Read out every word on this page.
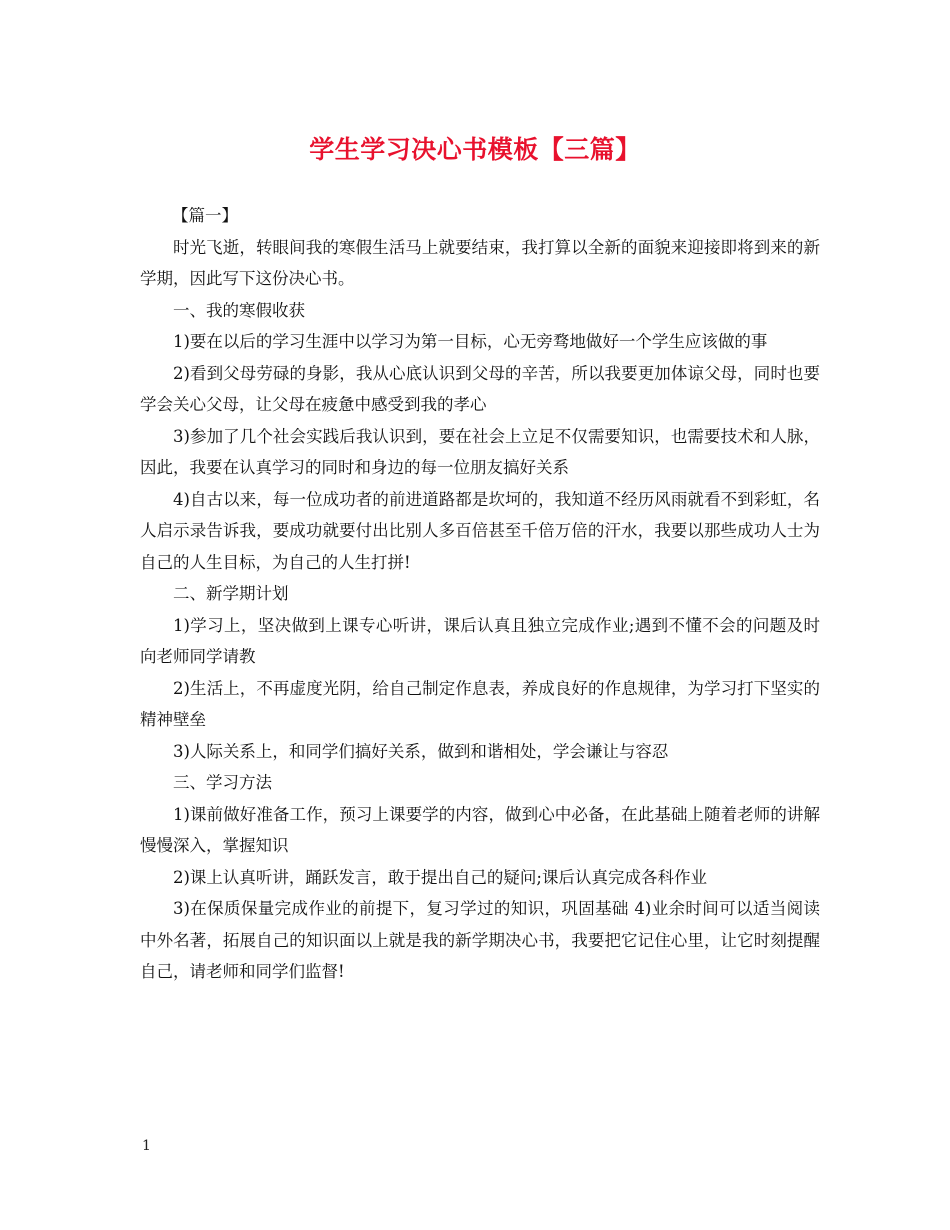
学生学习决心书模板【三篇】

【篇一】

时光飞逝，转眼间我的寒假生活马上就要结束，我打算以全新的面貌来迎接即将到来的新学期，因此写下这份决心书。

一、我的寒假收获

1)要在以后的学习生涯中以学习为第一目标，心无旁骛地做好一个学生应该做的事

2)看到父母劳碌的身影，我从心底认识到父母的辛苦，所以我要更加体谅父母，同时也要学会关心父母，让父母在疲惫中感受到我的孝心

3)参加了几个社会实践后我认识到，要在社会上立足不仅需要知识，也需要技术和人脉，因此，我要在认真学习的同时和身边的每一位朋友搞好关系

4)自古以来，每一位成功者的前进道路都是坎坷的，我知道不经历风雨就看不到彩虹，名人启示录告诉我，要成功就要付出比别人多百倍甚至千倍万倍的汗水，我要以那些成功人士为自己的人生目标，为自己的人生打拼!

二、新学期计划

1)学习上，坚决做到上课专心听讲，课后认真且独立完成作业;遇到不懂不会的问题及时向老师同学请教

2)生活上，不再虚度光阴，给自己制定作息表，养成良好的作息规律，为学习打下坚实的精神壁垒

3)人际关系上，和同学们搞好关系，做到和谐相处，学会谦让与容忍

三、学习方法

1)课前做好准备工作，预习上课要学的内容，做到心中必备，在此基础上随着老师的讲解慢慢深入，掌握知识

2)课上认真听讲，踊跃发言，敢于提出自己的疑问;课后认真完成各科作业

3)在保质保量完成作业的前提下，复习学过的知识，巩固基础 4)业余时间可以适当阅读中外名著，拓展自己的知识面以上就是我的新学期决心书，我要把它记住心里，让它时刻提醒自己，请老师和同学们监督!

1
